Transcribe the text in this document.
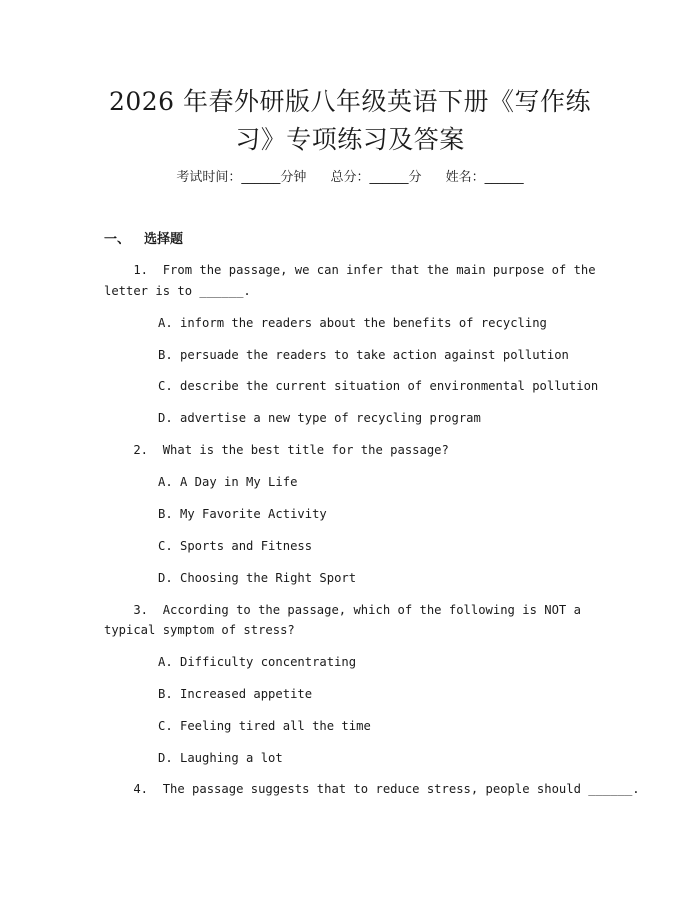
2026 年春外研版八年级英语下册《写作练
习》专项练习及答案
考试时间：______分钟 总分：______分 姓名：______
一、 选择题
1.  From the passage, we can infer that the main purpose of the
letter is to ______.
A. inform the readers about the benefits of recycling
B. persuade the readers to take action against pollution
C. describe the current situation of environmental pollution
D. advertise a new type of recycling program
2.  What is the best title for the passage?
A. A Day in My Life
B. My Favorite Activity
C. Sports and Fitness
D. Choosing the Right Sport
3.  According to the passage, which of the following is NOT a
typical symptom of stress?
A. Difficulty concentrating
B. Increased appetite
C. Feeling tired all the time
D. Laughing a lot
4.  The passage suggests that to reduce stress, people should ______.
